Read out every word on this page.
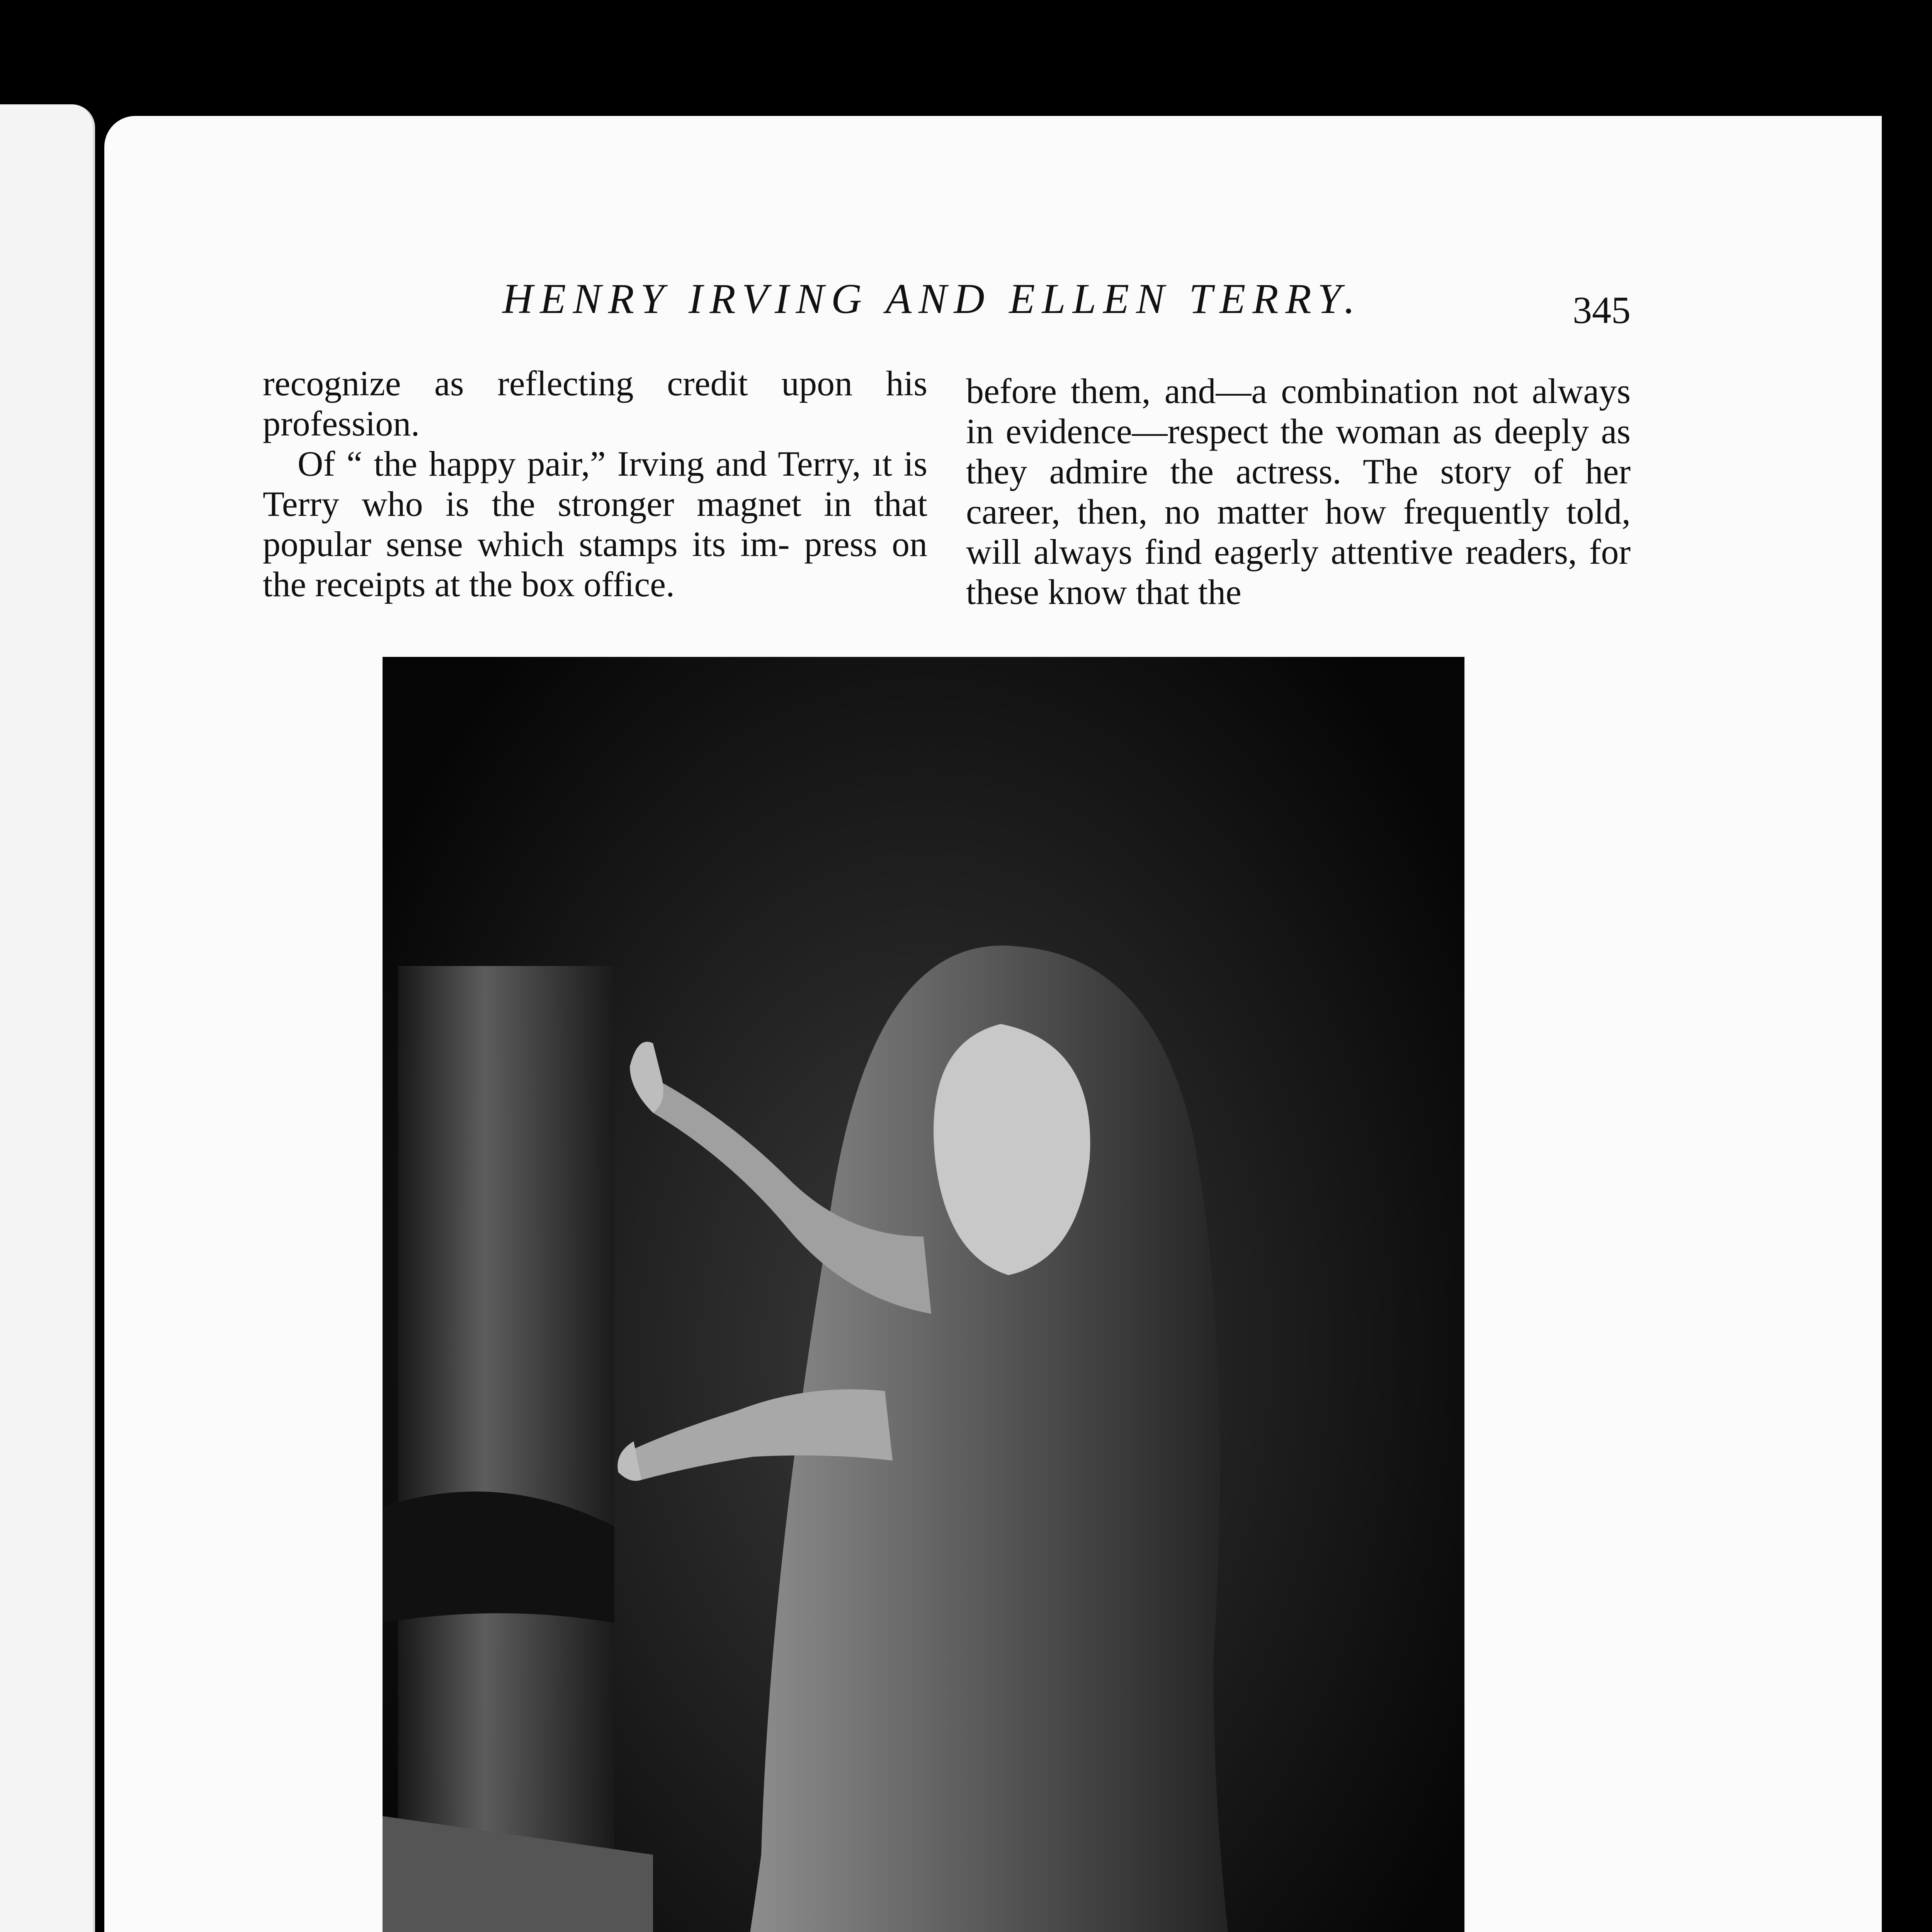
HENRY IRVING AND ELLEN TERRY.	345

recognize as reflecting credit upon his profession.

Of “ the happy pair,” Irving and Terry, ıt is Terry who is the stronger magnet in that popular sense which stamps its im- press on the receipts at the box office.

before them, and—a combination not always in evidence—respect the woman as deeply as they admire the actress. The story of her career, then, no matter how frequently told, will always find eagerly attentive readers, for these know that the
